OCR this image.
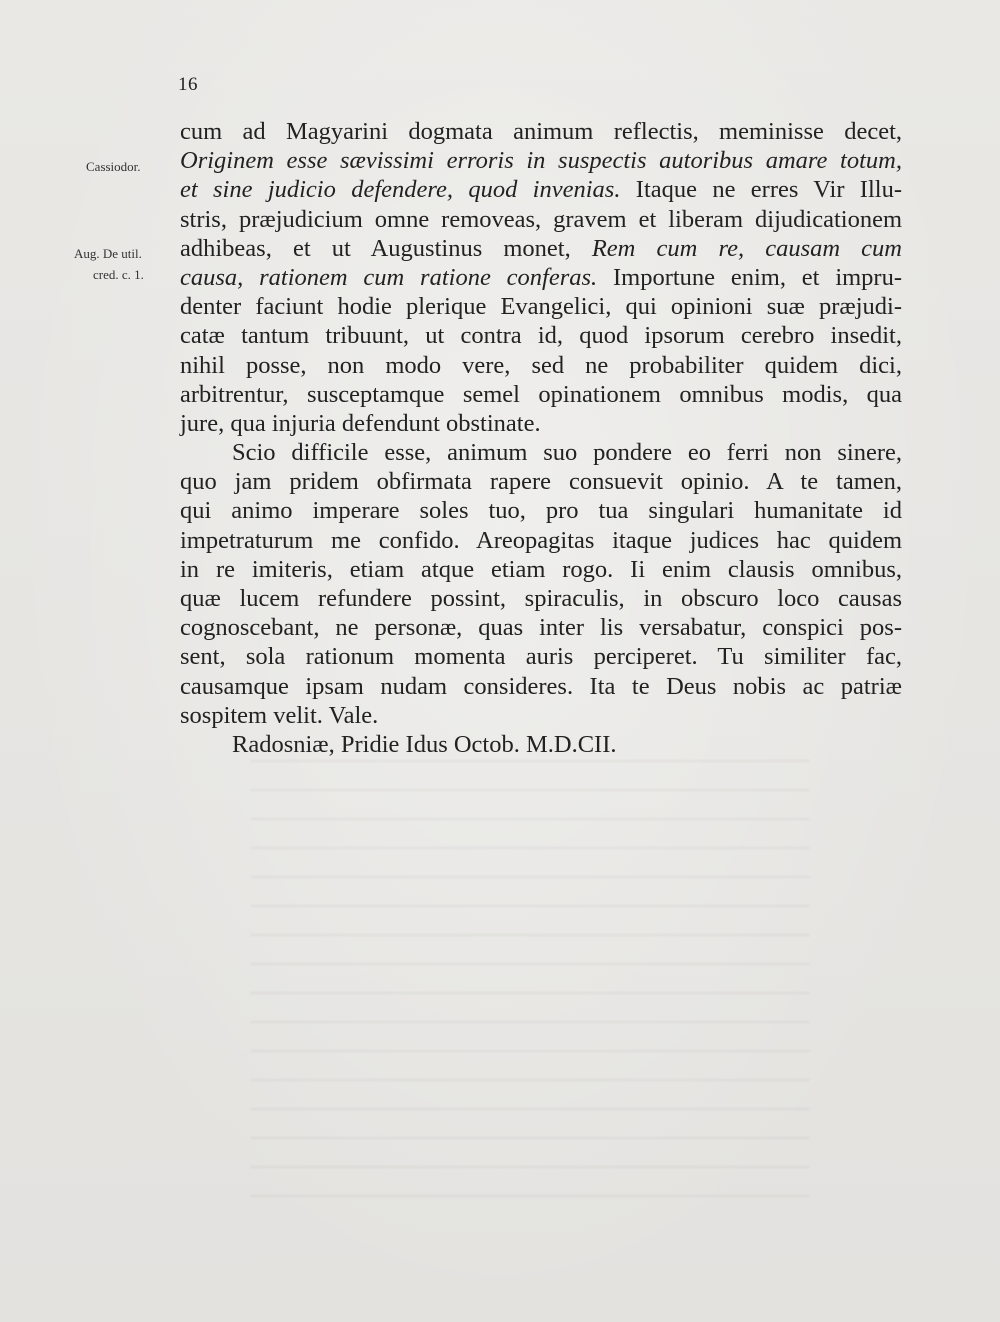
16
Cassiodor.
Aug. De util.
cred. c. 1.
cum ad Magyarini dogmata animum reflectis, meminisse decet,
Originem esse sævissimi erroris in suspectis autoribus amare totum,
et sine judicio defendere, quod invenias. Itaque ne erres Vir Illu-
stris, præjudicium omne removeas, gravem et liberam dijudicationem
adhibeas, et ut Augustinus monet, Rem cum re, causam cum
causa, rationem cum ratione conferas. Importune enim, et impru-
denter faciunt hodie plerique Evangelici, qui opinioni suæ præjudi-
catæ tantum tribuunt, ut contra id, quod ipsorum cerebro insedit,
nihil posse, non modo vere, sed ne probabiliter quidem dici,
arbitrentur, susceptamque semel opinationem omnibus modis, qua
jure, qua injuria defendunt obstinate.
Scio difficile esse, animum suo pondere eo ferri non sinere,
quo jam pridem obfirmata rapere consuevit opinio. A te tamen,
qui animo imperare soles tuo, pro tua singulari humanitate id
impetraturum me confido. Areopagitas itaque judices hac quidem
in re imiteris, etiam atque etiam rogo. Ii enim clausis omnibus,
quæ lucem refundere possint, spiraculis, in obscuro loco causas
cognoscebant, ne personæ, quas inter lis versabatur, conspici pos-
sent, sola rationum momenta auris perciperet. Tu similiter fac,
causamque ipsam nudam consideres. Ita te Deus nobis ac patriæ
sospitem velit. Vale.
Radosniæ, Pridie Idus Octob. M.D.CII.
